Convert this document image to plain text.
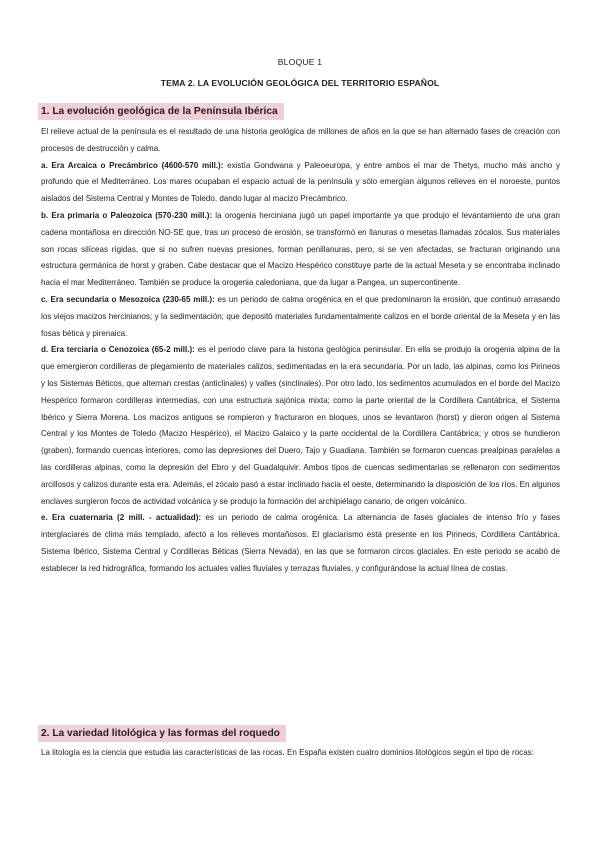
BLOQUE 1
TEMA 2. LA EVOLUCIÓN GEOLÓGICA DEL TERRITORIO ESPAÑOL
1. La evolución geológica de la Península Ibérica

El relieve actual de la península es el resultado de una historia geológica de millones de años en la que se han alternado fases de creación con procesos de destrucción y calma.

a. Era Arcaica o Precámbrico (4600-570 mill.): existía Gondwana y Paleoeuropa, y entre ambos el mar de Thetys, mucho más ancho y profundo que el Mediterráneo. Los mares ocupaban el espacio actual de la península y sólo emergían algunos relieves en el noroeste, puntos aislados del Sistema Central y Montes de Toledo, dando lugar al macizo Precámbrico.

b. Era primaria o Paleozoica (570-230 mill.): la orogenia herciniana jugó un papel importante ya que produjo el levantamiento de una gran cadena montañosa en dirección NO-SE que, tras un proceso de erosión, se transformó en llanuras o mesetas llamadas zócalos. Sus materiales son rocas silíceas rígidas, que si no sufren nuevas presiones, forman penillanuras, pero, si se ven afectadas, se fracturan originando una estructura germánica de horst y graben. Cabe destacar que el Macizo Hespérico constituye parte de la actual Meseta y se encontraba inclinado hacia el mar Mediterráneo. También se produce la orogenia caledoniana, que da lugar a Pangea, un supercontinente.

c. Era secundaria o Mesozoica (230-65 mill.): es un periodo de calma orogénica en el que predominaron la erosión, que continuó arrasando los viejos macizos hercinianos; y la sedimentación; que depositó materiales fundamentalmente calizos en el borde oriental de la Meseta y en las fosas bética y pirenaica.

d. Era terciaria o Cenozoica (65-2 mill.): es el periodo clave para la historia geológica peninsular. En ella se produjo la orogenia alpina de la que emergieron cordilleras de plegamiento de materiales calizos, sedimentadas en la era secundaria. Por un lado, las alpinas, como los Pirineos y los Sistemas Béticos, que alternan crestas (anticlinales) y valles (sinclinales). Por otro lado, los sedimentos acumulados en el borde del Macizo Hespérico formaron cordilleras intermedias, con una estructura sajónica mixta; como la parte oriental de la Cordillera Cantábrica, el Sistema Ibérico y Sierra Morena. Los macizos antiguos se rompieron y fracturaron en bloques, unos se levantaron (horst) y dieron origen al Sistema Central y los Montes de Toledo (Macizo Hespérico), el Macizo Galaico y la parte occidental de la Cordillera Cantábrica; y otros se hundieron (graben), formando cuencas interiores, como las depresiones del Duero, Tajo y Guadiana. También se formaron cuencas prealpinas paralelas a las cordilleras alpinas, como la depresión del Ebro y del Guadalquivir. Ambos tipos de cuencas sedimentarias se rellenaron con sedimentos arcillosos y calizos durante esta era. Además, el zócalo pasó a estar inclinado hacia el oeste, determinando la disposición de los ríos. En algunos enclaves surgieron focos de actividad volcánica y se produjo la formación del archipiélago canario, de origen volcánico.

e. Era cuaternaria (2 mill. - actualidad): es un periodo de calma orogénica. La alternancia de fases glaciales de intenso frío y fases interglaciares de clima más templado, afectó a los relieves montañosos. El glaciarismo está presente en los Pirineos, Cordillera Cantábrica, Sistema Ibérico, Sistema Central y Cordilleras Béticas (Sierra Nevada), en las que se formaron circos glaciales. En este periodo se acabó de establecer la red hidrográfica, formando los actuales valles fluviales y terrazas fluviales, y configurándose la actual línea de costas.

2. La variedad litológica y las formas del roquedo

La litología es la ciencia que estudia las características de las rocas. En España existen cuatro dominios litológicos según el tipo de rocas:
